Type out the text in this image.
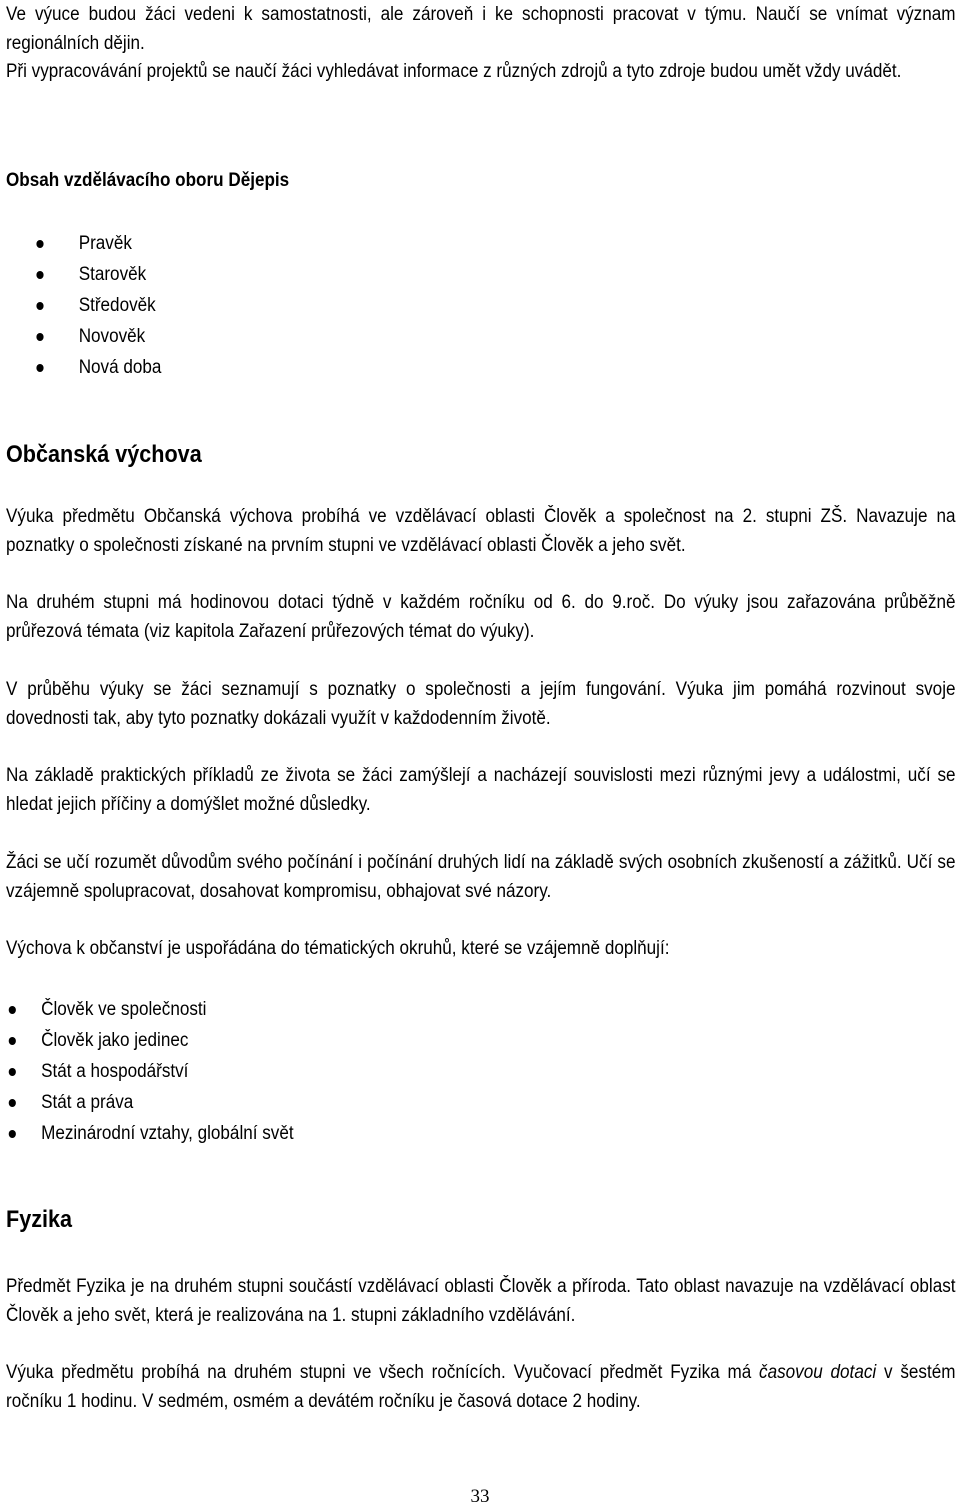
Ve výuce budou žáci vedeni k samostatnosti, ale zároveň i ke schopnosti pracovat v týmu. Naučí se vnímat význam regionálních dějin.
Při vypracovávání projektů se naučí žáci vyhledávat informace z různých zdrojů a tyto zdroje budou umět vždy uvádět.
Obsah vzdělávacího oboru Dějepis
Pravěk
Starověk
Středověk
Novověk
Nová doba
Občanská výchova
Výuka předmětu Občanská výchova probíhá ve vzdělávací oblasti Člověk a společnost na 2. stupni ZŠ. Navazuje na poznatky o společnosti získané na prvním stupni ve vzdělávací oblasti Člověk a jeho svět.
Na druhém stupni má hodinovou dotaci týdně v každém ročníku od 6. do 9.roč. Do výuky jsou zařazována průběžně průřezová témata (viz kapitola Zařazení průřezových témat do výuky).
V průběhu výuky se žáci seznamují s poznatky o společnosti a jejím fungování. Výuka jim pomáhá rozvinout svoje dovednosti tak, aby tyto poznatky dokázali využít v každodenním životě.
Na základě praktických příkladů ze života se žáci zamýšlejí a nacházejí souvislosti mezi různými jevy a událostmi, učí se hledat jejich příčiny a domýšlet možné důsledky.
Žáci se učí rozumět důvodům svého počínání i počínání druhých lidí na základě svých osobních zkušeností a zážitků. Učí se vzájemně spolupracovat, dosahovat kompromisu, obhajovat své názory.
Výchova k občanství je uspořádána do tématických okruhů, které se vzájemně doplňují:
Člověk ve společnosti
Člověk jako jedinec
Stát a hospodářství
Stát a práva
Mezinárodní vztahy, globální svět
Fyzika
Předmět Fyzika je na druhém stupni součástí vzdělávací oblasti Člověk a příroda. Tato oblast navazuje na vzdělávací oblast Člověk a jeho svět, která je realizována na 1. stupni základního vzdělávání.
Výuka předmětu probíhá na druhém stupni ve všech ročnících. Vyučovací předmět Fyzika má časovou dotaci v šestém ročníku 1 hodinu. V sedmém, osmém a devátém ročníku je časová dotace 2 hodiny.
33
